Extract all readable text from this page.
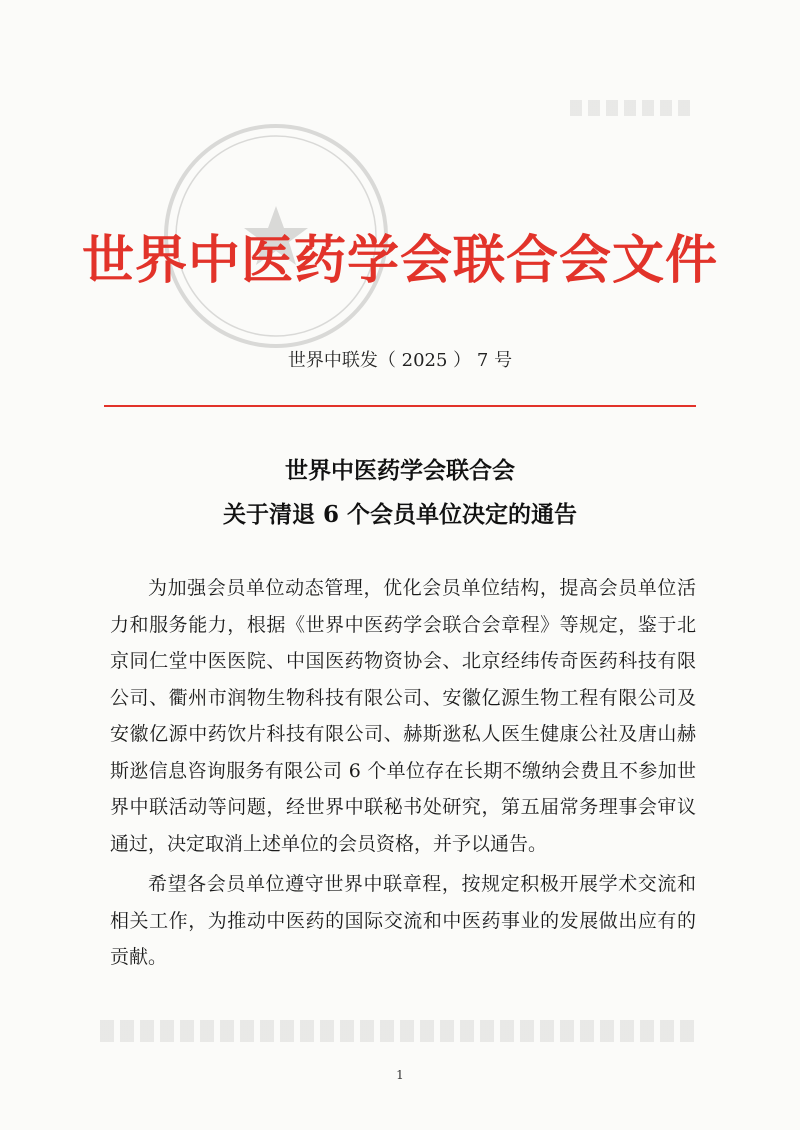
世界中医药学会联合会文件
世界中联发（ 2025 ） 7 号
世界中医药学会联合会
关于清退 6 个会员单位决定的通告

为加强会员单位动态管理，优化会员单位结构，提高会员单位活力和服务能力，根据《世界中医药学会联合会章程》等规定，鉴于北京同仁堂中医医院、中国医药物资协会、北京经纬传奇医药科技有限公司、衢州市润物生物科技有限公司、安徽亿源生物工程有限公司及安徽亿源中药饮片科技有限公司、赫斯逖私人医生健康公社及唐山赫斯逖信息咨询服务有限公司 6 个单位存在长期不缴纳会费且不参加世界中联活动等问题，经世界中联秘书处研究，第五届常务理事会审议通过，决定取消上述单位的会员资格，并予以通告。

希望各会员单位遵守世界中联章程，按规定积极开展学术交流和相关工作，为推动中医药的国际交流和中医药事业的发展做出应有的贡献。

1
